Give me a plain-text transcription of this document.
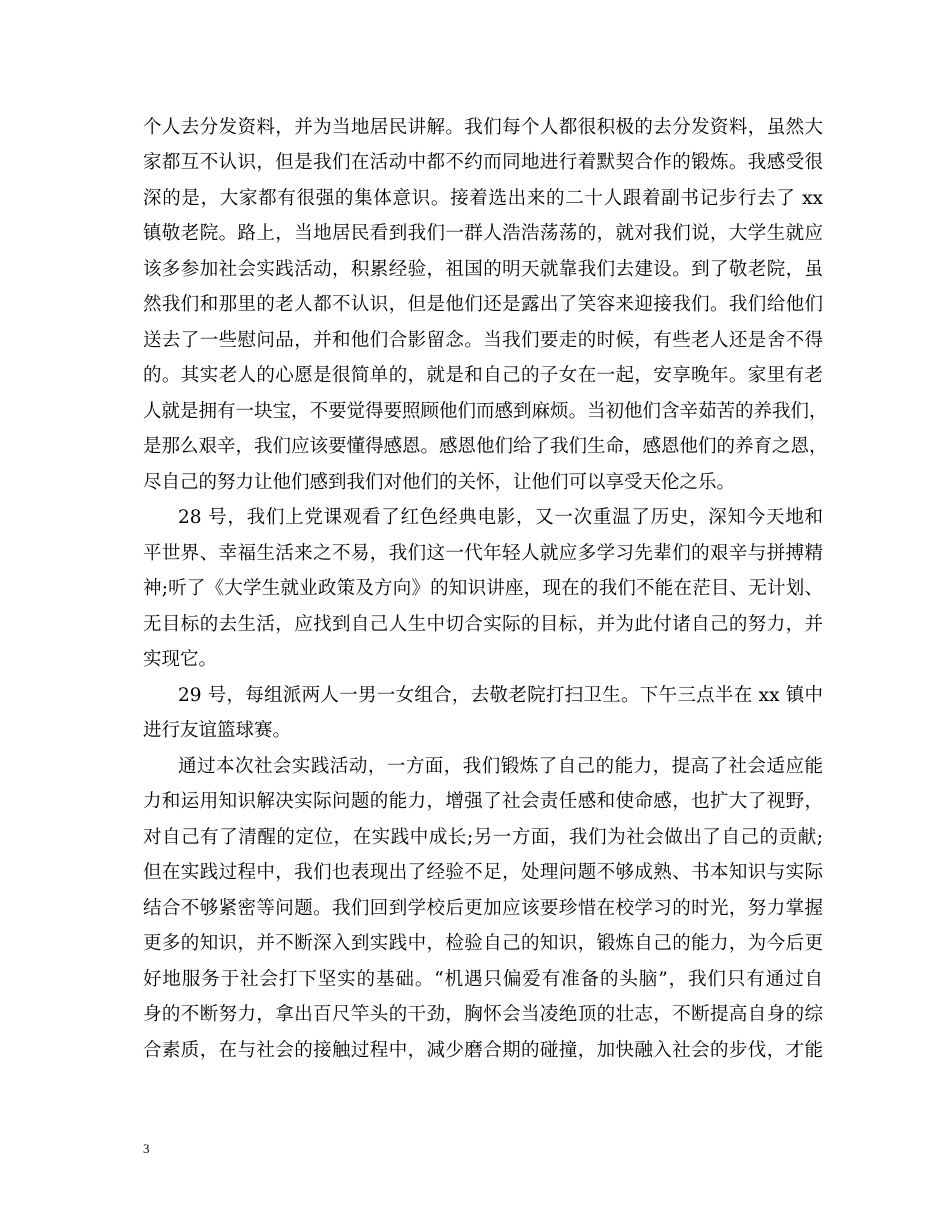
个人去分发资料，并为当地居民讲解。我们每个人都很积极的去分发资料，虽然大
家都互不认识，但是我们在活动中都不约而同地进行着默契合作的锻炼。我感受很
深的是，大家都有很强的集体意识。接着选出来的二十人跟着副书记步行去了 xx
镇敬老院。路上，当地居民看到我们一群人浩浩荡荡的，就对我们说，大学生就应
该多参加社会实践活动，积累经验，祖国的明天就靠我们去建设。到了敬老院，虽
然我们和那里的老人都不认识，但是他们还是露出了笑容来迎接我们。我们给他们
送去了一些慰问品，并和他们合影留念。当我们要走的时候，有些老人还是舍不得
的。其实老人的心愿是很简单的，就是和自己的子女在一起，安享晚年。家里有老
人就是拥有一块宝，不要觉得要照顾他们而感到麻烦。当初他们含辛茹苦的养我们，
是那么艰辛，我们应该要懂得感恩。感恩他们给了我们生命，感恩他们的养育之恩，
尽自己的努力让他们感到我们对他们的关怀，让他们可以享受天伦之乐。
28 号，我们上党课观看了红色经典电影，又一次重温了历史，深知今天地和
平世界、幸福生活来之不易，我们这一代年轻人就应多学习先辈们的艰辛与拼搏精
神;听了《大学生就业政策及方向》的知识讲座，现在的我们不能在茫目、无计划、
无目标的去生活，应找到自己人生中切合实际的目标，并为此付诸自己的努力，并
实现它。
29 号，每组派两人一男一女组合，去敬老院打扫卫生。下午三点半在 xx 镇中
进行友谊篮球赛。
通过本次社会实践活动，一方面，我们锻炼了自己的能力，提高了社会适应能
力和运用知识解决实际问题的能力，增强了社会责任感和使命感，也扩大了视野，
对自己有了清醒的定位，在实践中成长;另一方面，我们为社会做出了自己的贡献;
但在实践过程中，我们也表现出了经验不足，处理问题不够成熟、书本知识与实际
结合不够紧密等问题。我们回到学校后更加应该要珍惜在校学习的时光，努力掌握
更多的知识，并不断深入到实践中，检验自己的知识，锻炼自己的能力，为今后更
好地服务于社会打下坚实的基础。“机遇只偏爱有准备的头脑”，我们只有通过自
身的不断努力，拿出百尺竿头的干劲，胸怀会当凌绝顶的壮志，不断提高自身的综
合素质，在与社会的接触过程中，减少磨合期的碰撞，加快融入社会的步伐，才能
3
